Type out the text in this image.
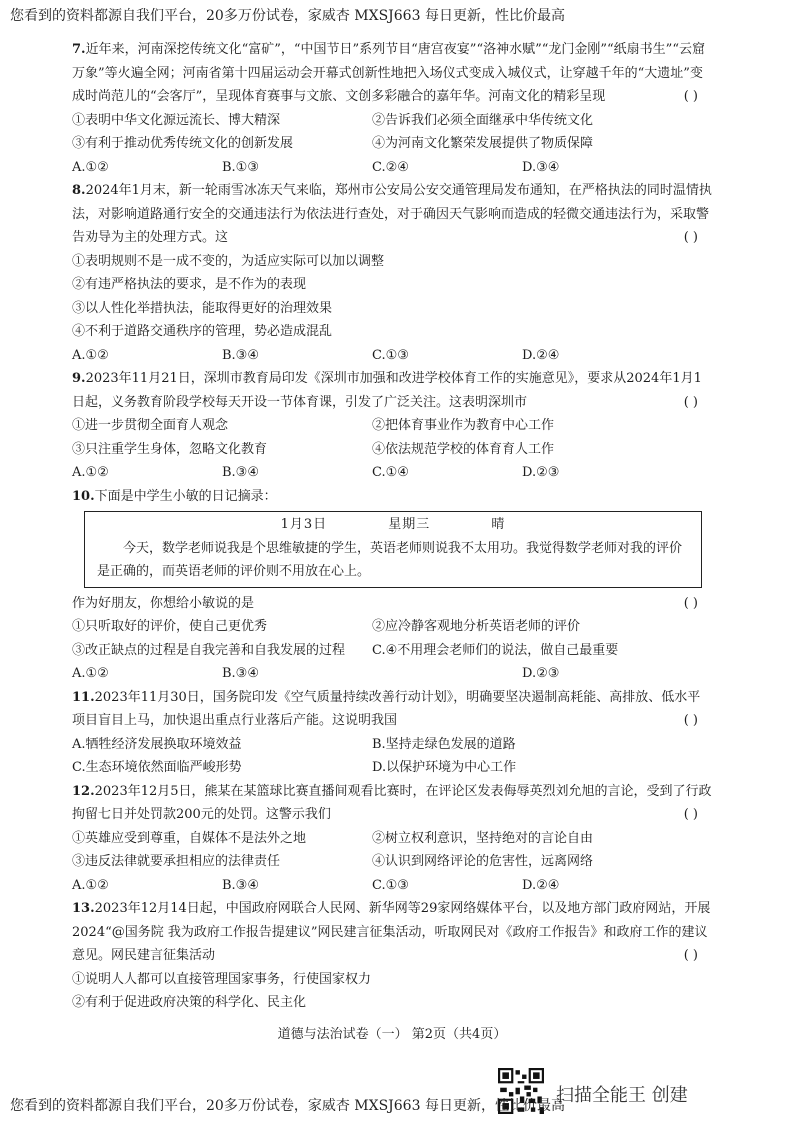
您看到的资料都源自我们平台，20多万份试卷，家威杏 MXSJ663 每日更新，性比价最高

7.近年来，河南深挖传统文化“富矿”，“中国节日”系列节目“唐宫夜宴”“洛神水赋”“龙门金刚”“纸扇书生”“云窟万象”等火遍全网；河南省第十四届运动会开幕式创新性地把入场仪式变成入城仪式，让穿越千年的“大遗址”变成时尚范儿的“会客厅”，呈现体育赛事与文旅、文创多彩融合的嘉年华。河南文化的精彩呈现	( )

①表明中华文化源远流长、博大精深	②告诉我们必须全面继承中华传统文化
③有利于推动优秀传统文化的创新发展	④为河南文化繁荣发展提供了物质保障
A.①②	B.①③	C.②④	D.③④

8.2024年1月末，新一轮雨雪冰冻天气来临，郑州市公安局公安交通管理局发布通知，在严格执法的同时温情执法，对影响道路通行安全的交通违法行为依法进行查处，对于确因天气影响而造成的轻微交通违法行为，采取警告劝导为主的处理方式。这	( )

①表明规则不是一成不变的，为适应实际可以加以调整

②有违严格执法的要求，是不作为的表现

③以人性化举措执法，能取得更好的治理效果

④不利于道路交通秩序的管理，势必造成混乱

A.①②	B.③④	C.①③	D.②④

9.2023年11月21日，深圳市教育局印发《深圳市加强和改进学校体育工作的实施意见》，要求从2024年1月1日起，义务教育阶段学校每天开设一节体育课，引发了广泛关注。这表明深圳市	( )

①进一步贯彻全面育人观念	②把体育事业作为教育中心工作
③只注重学生身体，忽略文化教育	④依法规范学校的体育育人工作
A.①②	B.③④	C.①④	D.②③

10.下面是中学生小敏的日记摘录：

1月3日	星期三	晴
今天，数学老师说我是个思维敏捷的学生，英语老师则说我不太用功。我觉得数学老师对我的评价是正确的，而英语老师的评价则不用放在心上。

作为好朋友，你想给小敏说的是	( )

①只听取好的评价，使自己更优秀	②应冷静客观地分析英语老师的评价
③改正缺点的过程是自我完善和自我发展的过程	C.④不用理会老师们的说法，做自己最重要
A.①②	B.③④	D.②③

11.2023年11月30日，国务院印发《空气质量持续改善行动计划》，明确要坚决遏制高耗能、高排放、低水平项目盲目上马，加快退出重点行业落后产能。这说明我国	( )

A.牺牲经济发展换取环境效益	B.坚持走绿色发展的道路
C.生态环境依然面临严峻形势	D.以保护环境为中心工作

12.2023年12月5日，熊某在某篮球比赛直播间观看比赛时，在评论区发表侮辱英烈刘允旭的言论，受到了行政拘留七日并处罚款200元的处罚。这警示我们	( )

①英雄应受到尊重，自媒体不是法外之地	②树立权利意识，坚持绝对的言论自由
③违反法律就要承担相应的法律责任	④认识到网络评论的危害性，远离网络
A.①②	B.③④	C.①③	D.②④

13.2023年12月14日起，中国政府网联合人民网、新华网等29家网络媒体平台，以及地方部门政府网站，开展2024“@国务院 我为政府工作报告提建议”网民建言征集活动，听取网民对《政府工作报告》和政府工作的建议意见。网民建言征集活动	( )

①说明人人都可以直接管理国家事务，行使国家权力

②有利于促进政府决策的科学化、民主化

道德与法治试卷（一） 第2页（共4页）
扫描全能王 创建
您看到的资料都源自我们平台，20多万份试卷，家威杏 MXSJ663 每日更新，性比价最高
